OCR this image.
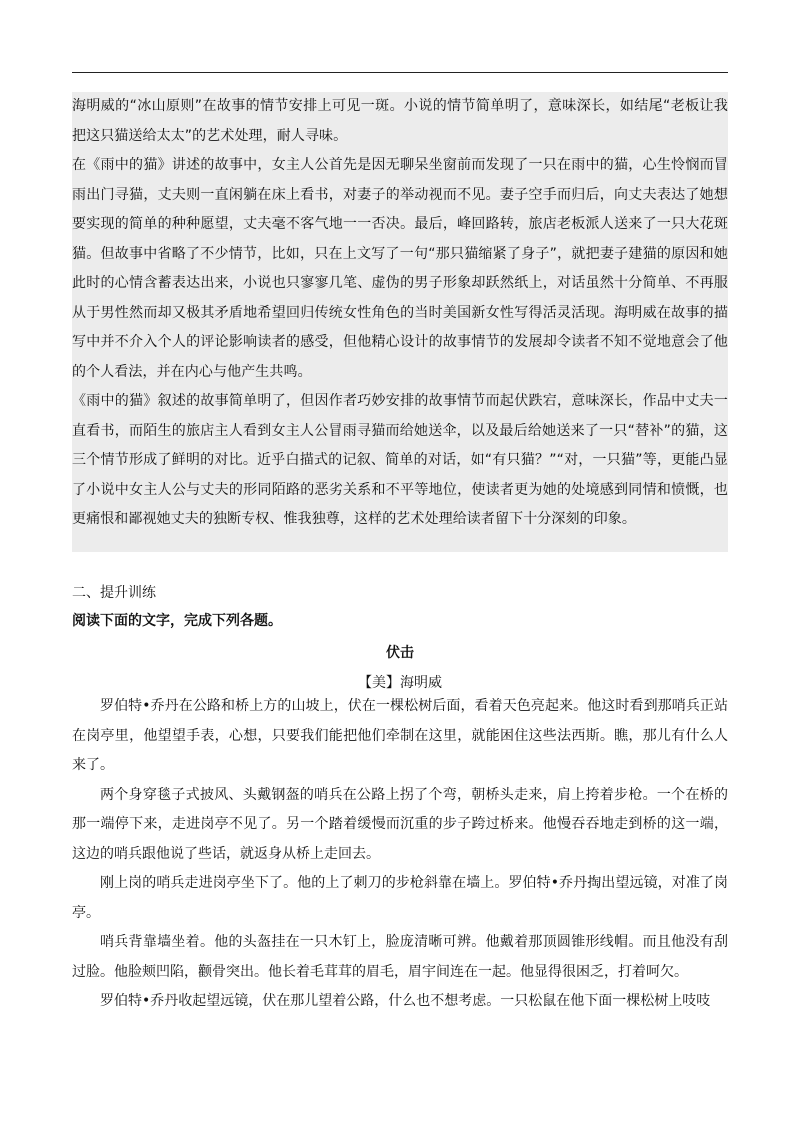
海明威的“冰山原则”在故事的情节安排上可见一斑。小说的情节简单明了，意味深长，如结尾“老板让我把这只猫送给太太”的艺术处理，耐人寻味。

在《雨中的猫》讲述的故事中，女主人公首先是因无聊呆坐窗前而发现了一只在雨中的猫，心生怜悯而冒雨出门寻猫，丈夫则一直闲躺在床上看书，对妻子的举动视而不见。妻子空手而归后，向丈夫表达了她想要实现的简单的种种愿望，丈夫毫不客气地一一否决。最后，峰回路转，旅店老板派人送来了一只大花斑猫。但故事中省略了不少情节，比如，只在上文写了一句“那只猫缩紧了身子”，就把妻子建猫的原因和她此时的心情含蓄表达出来，小说也只寥寥几笔、虚伪的男子形象却跃然纸上，对话虽然十分简单、不再服从于男性然而却又极其矛盾地希望回归传统女性角色的当时美国新女性写得活灵活现。海明威在故事的描写中并不介入个人的评论影响读者的感受，但他精心设计的故事情节的发展却令读者不知不觉地意会了他的个人看法，并在内心与他产生共鸣。

《雨中的猫》叙述的故事简单明了，但因作者巧妙安排的故事情节而起伏跌宕，意味深长，作品中丈夫一直看书，而陌生的旅店主人看到女主人公冒雨寻猫而给她送伞，以及最后给她送来了一只“替补”的猫，这三个情节形成了鲜明的对比。近乎白描式的记叙、简单的对话，如“有只猫？”“对，一只猫”等，更能凸显了小说中女主人公与丈夫的形同陌路的恶劣关系和不平等地位，使读者更为她的处境感到同情和愤慨，也更痛恨和鄙视她丈夫的独断专权、惟我独尊，这样的艺术处理给读者留下十分深刻的印象。

二、提升训练
阅读下面的文字，完成下列各题。
伏击
【美】海明威

罗伯特•乔丹在公路和桥上方的山坡上，伏在一棵松树后面，看着天色亮起来。他这时看到那哨兵正站在岗亭里，他望望手表，心想，只要我们能把他们牵制在这里，就能困住这些法西斯。瞧，那儿有什么人来了。

两个身穿毯子式披风、头戴钢盔的哨兵在公路上拐了个弯，朝桥头走来，肩上挎着步枪。一个在桥的那一端停下来，走进岗亭不见了。另一个踏着缓慢而沉重的步子跨过桥来。他慢吞吞地走到桥的这一端，这边的哨兵跟他说了些话，就返身从桥上走回去。

刚上岗的哨兵走进岗亭坐下了。他的上了刺刀的步枪斜靠在墙上。罗伯特•乔丹掏出望远镜，对准了岗亭。

哨兵背靠墙坐着。他的头盔挂在一只木钉上，脸庞清晰可辨。他戴着那顶圆锥形线帽。而且他没有刮过脸。他脸颊凹陷，颧骨突出。他长着毛茸茸的眉毛，眉宇间连在一起。他显得很困乏，打着呵欠。

罗伯特•乔丹收起望远镜，伏在那儿望着公路，什么也不想考虑。一只松鼠在他下面一棵松树上吱吱
